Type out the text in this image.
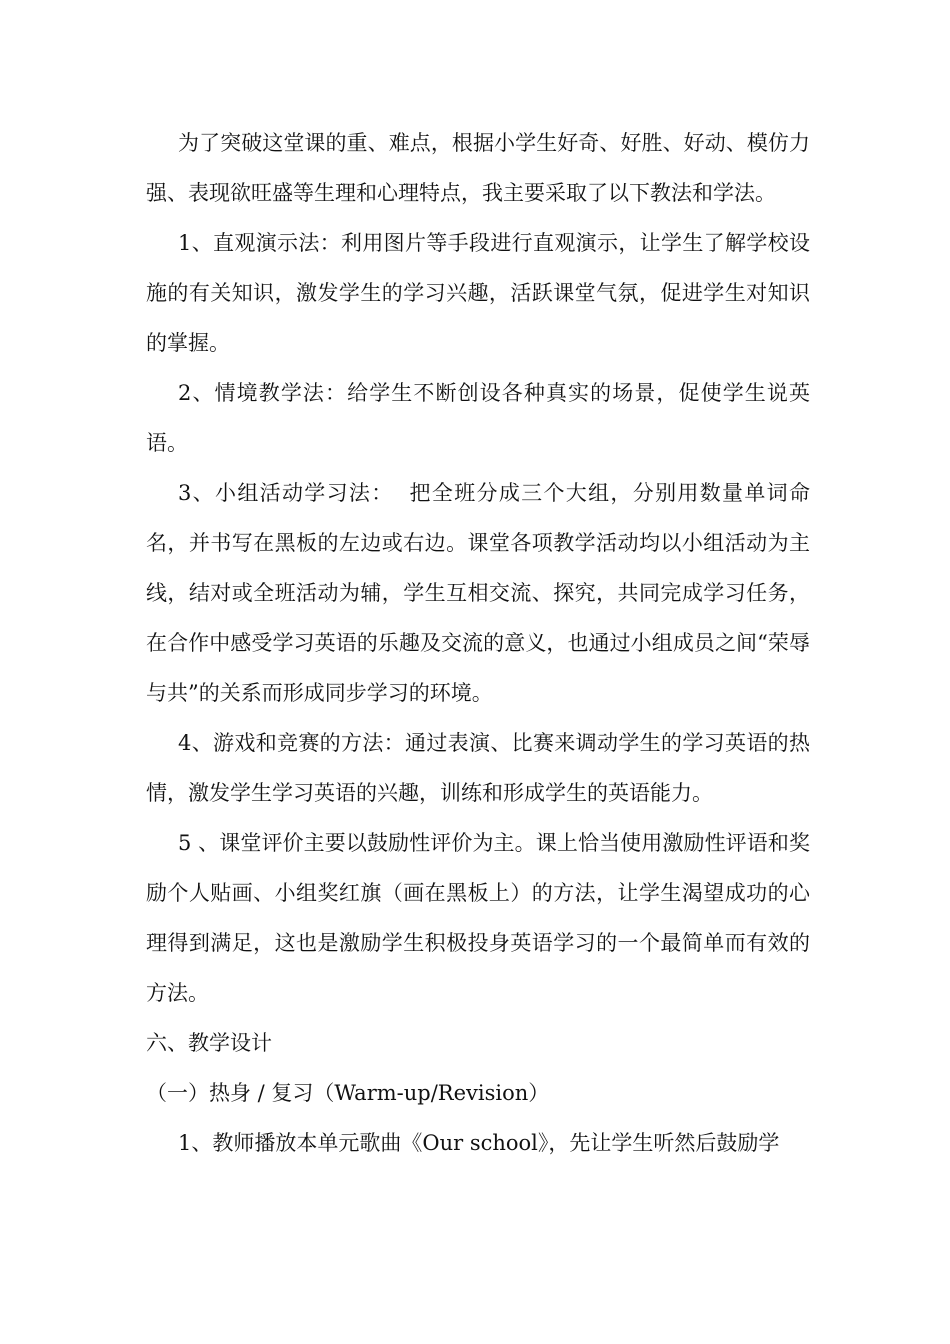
为了突破这堂课的重、难点，根据小学生好奇、好胜、好动、模仿力强、表现欲旺盛等生理和心理特点，我主要采取了以下教法和学法。

1、直观演示法：利用图片等手段进行直观演示，让学生了解学校设施的有关知识，激发学生的学习兴趣，活跃课堂气氛，促进学生对知识的掌握。

2、情境教学法：给学生不断创设各种真实的场景，促使学生说英语。

3、小组活动学习法：  把全班分成三个大组，分别用数量单词命名，并书写在黑板的左边或右边。课堂各项教学活动均以小组活动为主线，结对或全班活动为辅，学生互相交流、探究，共同完成学习任务，在合作中感受学习英语的乐趣及交流的意义，也通过小组成员之间“荣辱与共”的关系而形成同步学习的环境。

4、游戏和竞赛的方法：通过表演、比赛来调动学生的学习英语的热情，激发学生学习英语的兴趣，训练和形成学生的英语能力。

5 、课堂评价主要以鼓励性评价为主。课上恰当使用激励性评语和奖励个人贴画、小组奖红旗（画在黑板上）的方法，让学生渴望成功的心理得到满足，这也是激励学生积极投身英语学习的一个最简单而有效的方法。

六、教学设计

（一）热身 / 复习（Warm-up/Revision）

1、教师播放本单元歌曲《Our school》，先让学生听然后鼓励学
